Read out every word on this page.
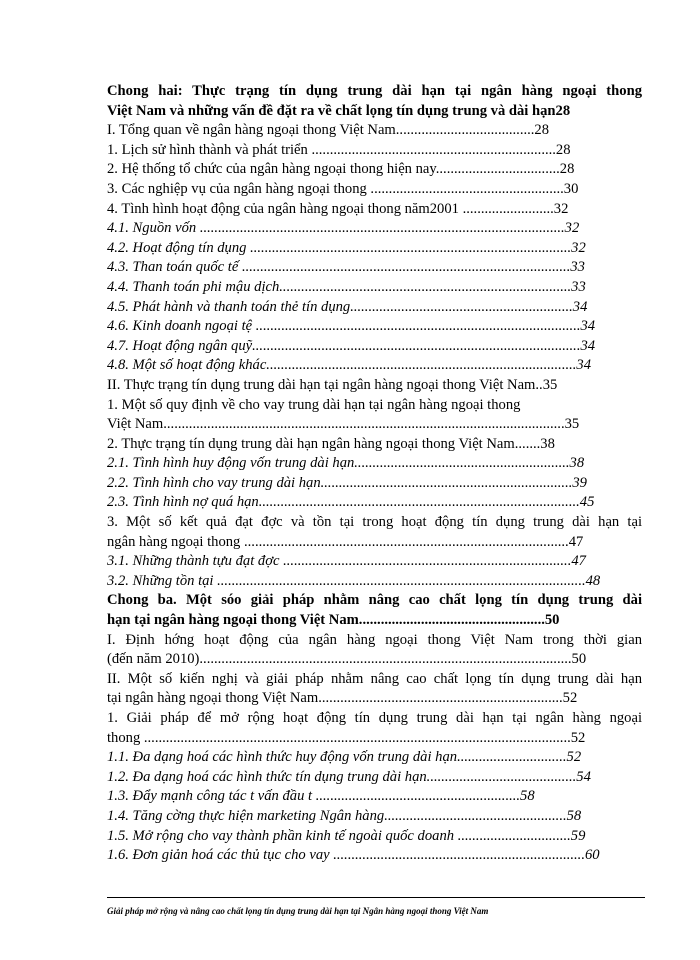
Chong hai: Thực trạng tín dụng trung dài hạn tại ngân hàng ngoại thong
Việt Nam và những vấn đề đặt ra về chất lọng tín dụng trung và dài hạn28
I. Tổng quan về ngân hàng ngoại thong Việt Nam......................................28
1. Lịch sử hình thành và phát triển ...................................................................28
2. Hệ thống tổ chức của ngân hàng ngoại thong hiện nay..................................28
3. Các nghiệp vụ của ngân hàng ngoại thong .....................................................30
4. Tình hình hoạt động của ngân hàng ngoại thong năm2001 .........................32
4.1. Nguồn vốn ....................................................................................................32
4.2. Hoạt động tín dụng ........................................................................................32
4.3. Than toán quốc tế ..........................................................................................33
4.4. Thanh toán phi mậu dịch................................................................................33
4.5. Phát hành và thanh toán thẻ tín dụng.............................................................34
4.6. Kinh doanh ngoại tệ .........................................................................................34
4.7. Hoạt động ngân quỹ..........................................................................................34
4.8. Một số hoạt động khác.....................................................................................34
II. Thực trạng tín dụng trung dài hạn tại ngân hàng ngoại thong Việt Nam..35
1. Một số quy định về cho vay trung dài hạn tại ngân hàng ngoại thong
Việt Nam..............................................................................................................35
2. Thực trạng tín dụng trung dài hạn ngân hàng ngoại thong Việt Nam.......38
2.1. Tình hình huy động vốn trung dài hạn...........................................................38
2.2. Tình hình cho vay trung dài hạn.....................................................................39
2.3. Tình hình nợ quá hạn........................................................................................45
3. Một số kết quả đạt đợc và tồn tại trong hoạt động tín dụng trung dài hạn tại
ngân hàng ngoại thong .........................................................................................47
3.1. Những thành tựu đạt đợc ...............................................................................47
3.2. Những tồn tại .....................................................................................................48
Chong ba. Một sóo giải pháp nhằm nâng cao chất lọng tín dụng trung dài
hạn tại ngân hàng ngoại thong Việt Nam...................................................50
I. Định hớng hoạt động của ngân hàng ngoại thong Việt Nam trong thời gian
(đến năm 2010)......................................................................................................50
II. Một số kiến nghị và giải pháp nhằm nâng cao chất lọng tín dụng trung dài hạn
tại ngân hàng ngoại thong Việt Nam...................................................................52
1. Giải pháp để mở rộng hoạt động tín dụng trung dài hạn tại ngân hàng ngoại
thong .....................................................................................................................52
1.1. Đa dạng hoá các hình thức huy động vốn trung dài hạn..............................52
1.2. Đa dạng hoá các hình thức tín dụng trung dài hạn.........................................54
1.3. Đẩy mạnh công tác t vấn đầu t ........................................................58
1.4. Tăng cờng thực hiện marketing Ngân hàng..................................................58
1.5. Mở rộng cho vay thành phần kinh tế ngoài quốc doanh ...............................59
1.6. Đơn giản hoá các thủ tục cho vay .....................................................................60
Giải pháp mở rộng và nâng cao chất lọng tín dụng trung dài hạn tại Ngân hàng ngoại thong Việt Nam
